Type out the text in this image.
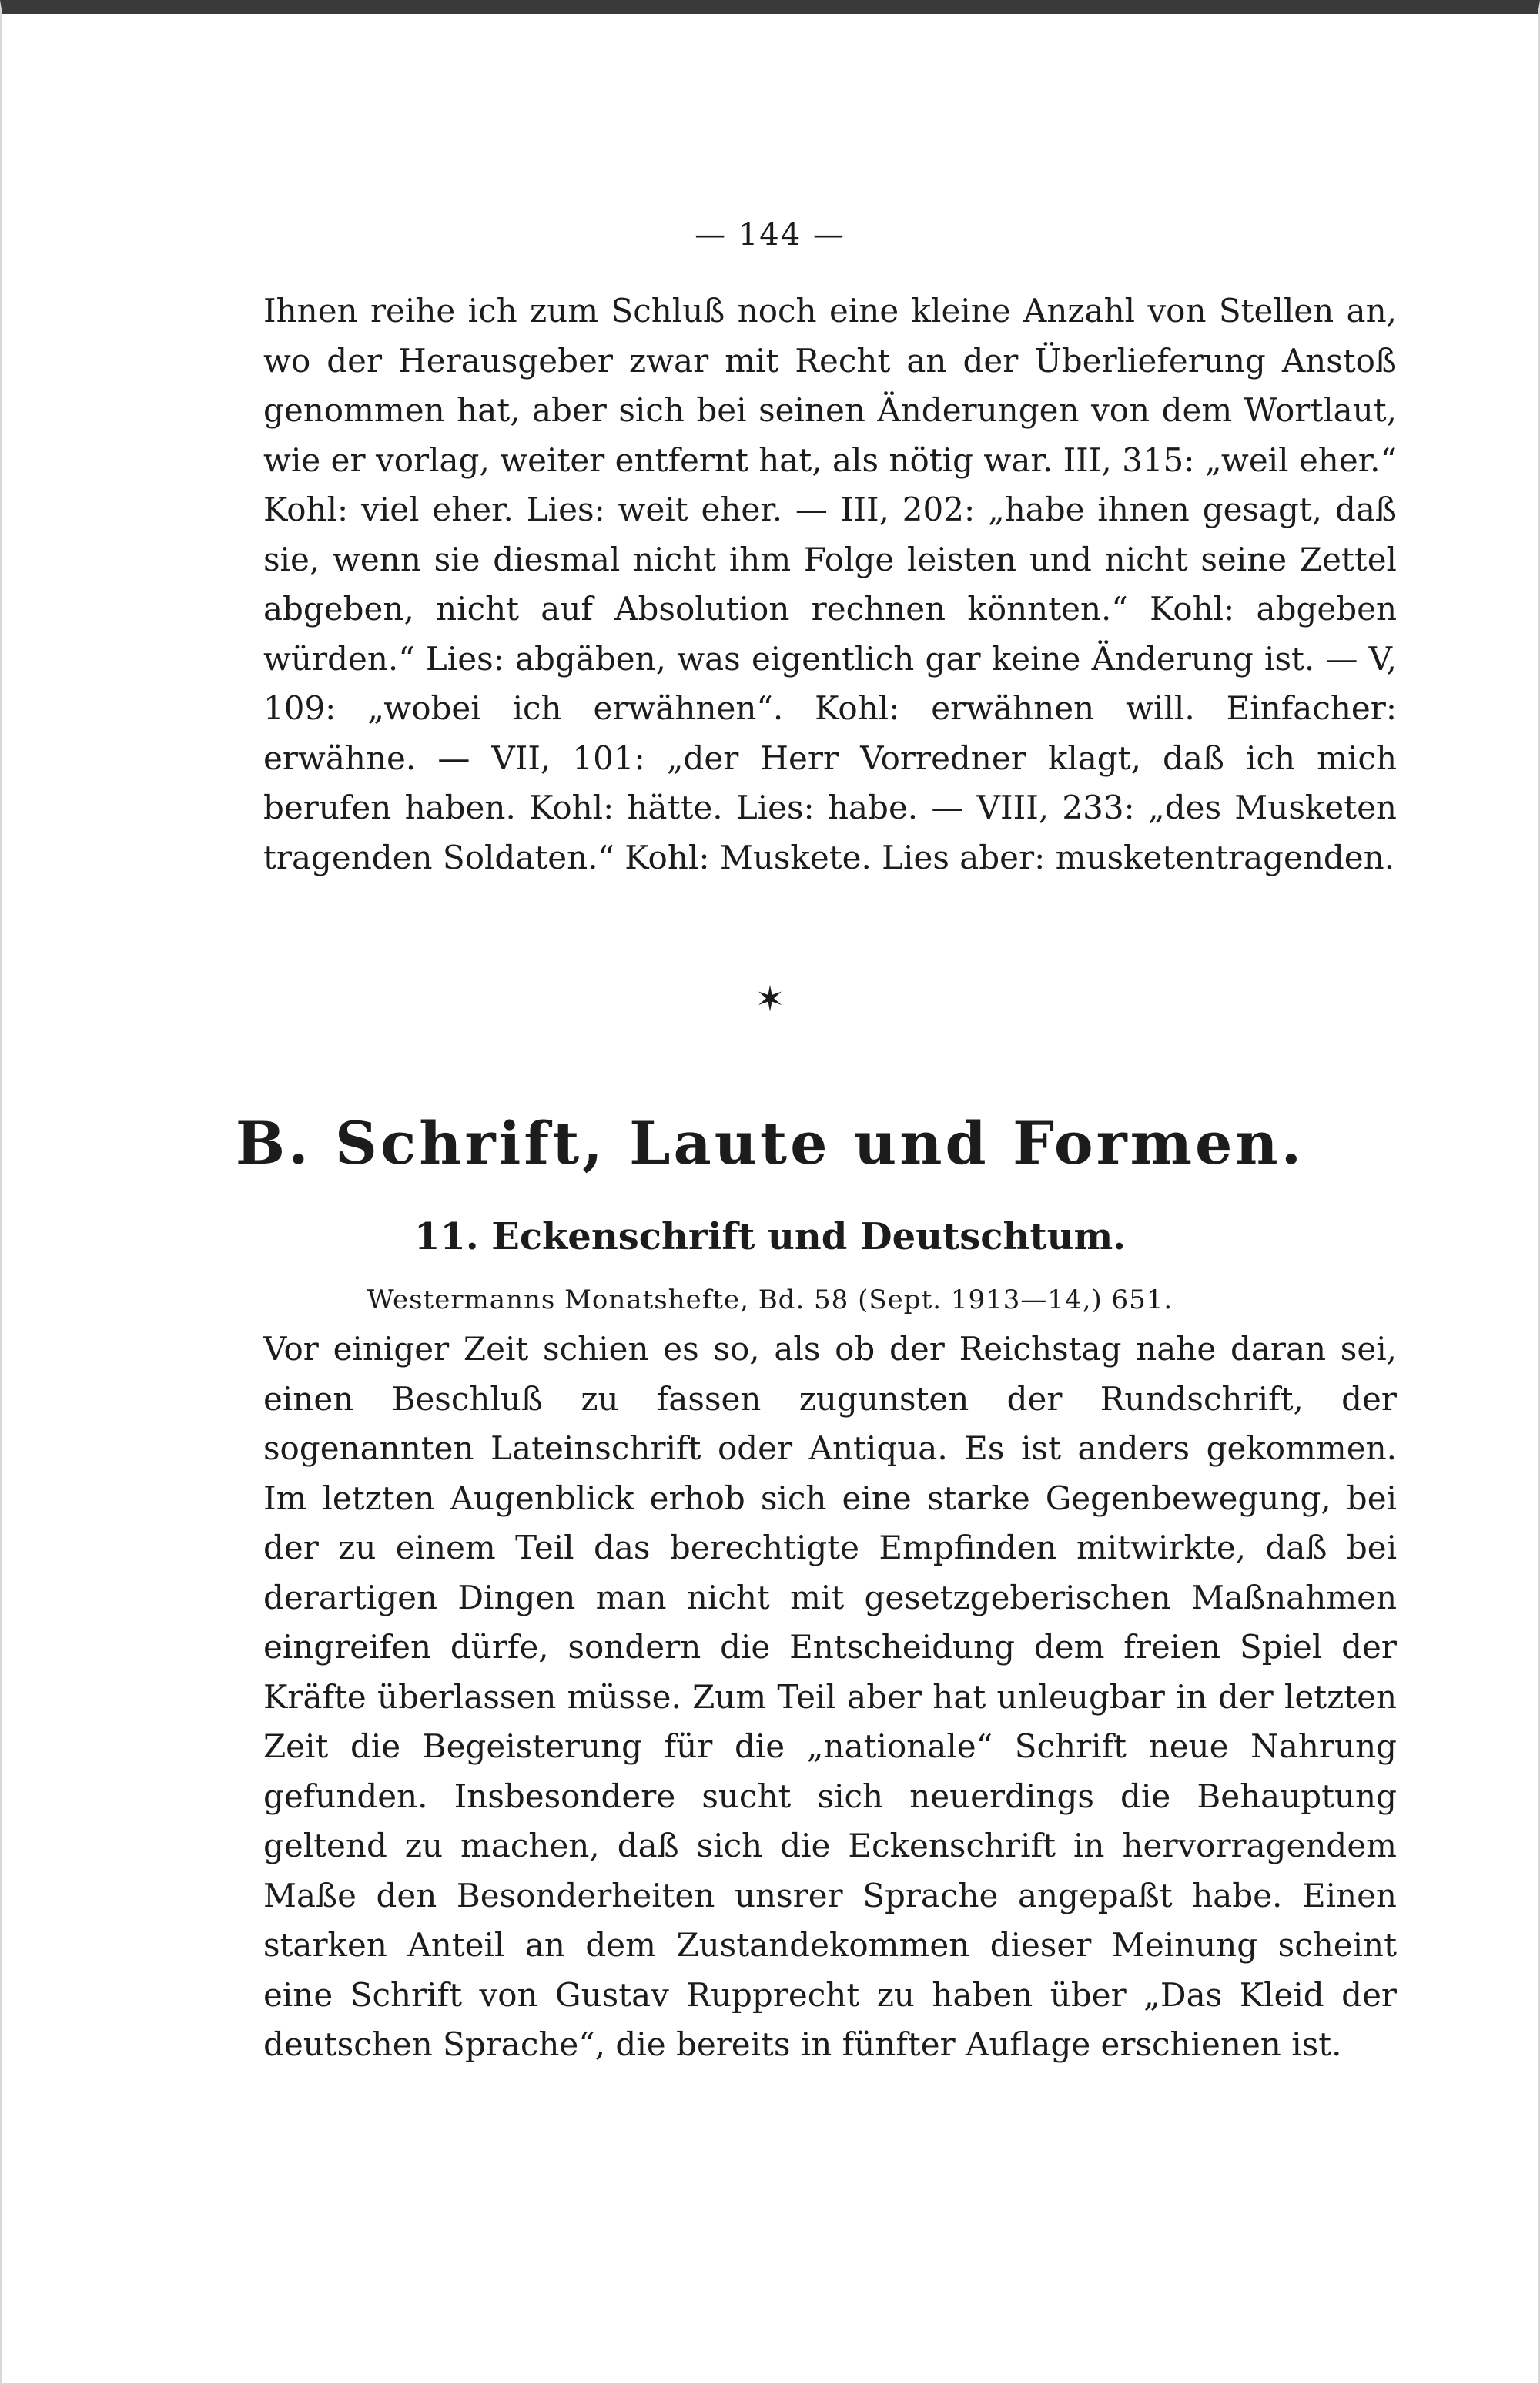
— 144 —

Ihnen reihe ich zum Schluß noch eine kleine Anzahl von Stellen an, wo der Herausgeber zwar mit Recht an der Überlieferung Anstoß genommen hat, aber sich bei seinen Änderungen von dem Wortlaut, wie er vorlag, weiter entfernt hat, als nötig war. III, 315: „weil eher.“ Kohl: viel eher. Lies: weit eher. — III, 202: „habe ihnen gesagt, daß sie, wenn sie diesmal nicht ihm Folge leisten und nicht seine Zettel abgeben, nicht auf Absolution rechnen könnten.“ Kohl: abgeben würden.“ Lies: abgäben, was eigentlich gar keine Änderung ist. — V, 109: „wobei ich erwähnen“. Kohl: erwähnen will. Einfacher: erwähne. — VII, 101: „der Herr Vorredner klagt, daß ich mich berufen haben. Kohl: hätte. Lies: habe. — VIII, 233: „des Musketen tragenden Soldaten.“ Kohl: Muskete. Lies aber: musketentragenden.

✶
B. Schrift, Laute und Formen.
11. Eckenschrift und Deutschtum.
Westermanns Monatshefte, Bd. 58 (Sept. 1913—14,) 651.

Vor einiger Zeit schien es so, als ob der Reichstag nahe daran sei, einen Beschluß zu fassen zugunsten der Rundschrift, der sogenannten Lateinschrift oder Antiqua. Es ist anders gekommen. Im letzten Augenblick erhob sich eine starke Gegenbewegung, bei der zu einem Teil das berechtigte Empfinden mitwirkte, daß bei derartigen Dingen man nicht mit gesetzgeberischen Maßnahmen eingreifen dürfe, sondern die Entscheidung dem freien Spiel der Kräfte überlassen müsse. Zum Teil aber hat unleugbar in der letzten Zeit die Begeisterung für die „nationale“ Schrift neue Nahrung gefunden. Insbesondere sucht sich neuerdings die Behauptung geltend zu machen, daß sich die Eckenschrift in hervorragendem Maße den Besonderheiten unsrer Sprache angepaßt habe. Einen starken Anteil an dem Zustandekommen dieser Meinung scheint eine Schrift von Gustav Rupprecht zu haben über „Das Kleid der deutschen Sprache“, die bereits in fünfter Auflage erschienen ist.
